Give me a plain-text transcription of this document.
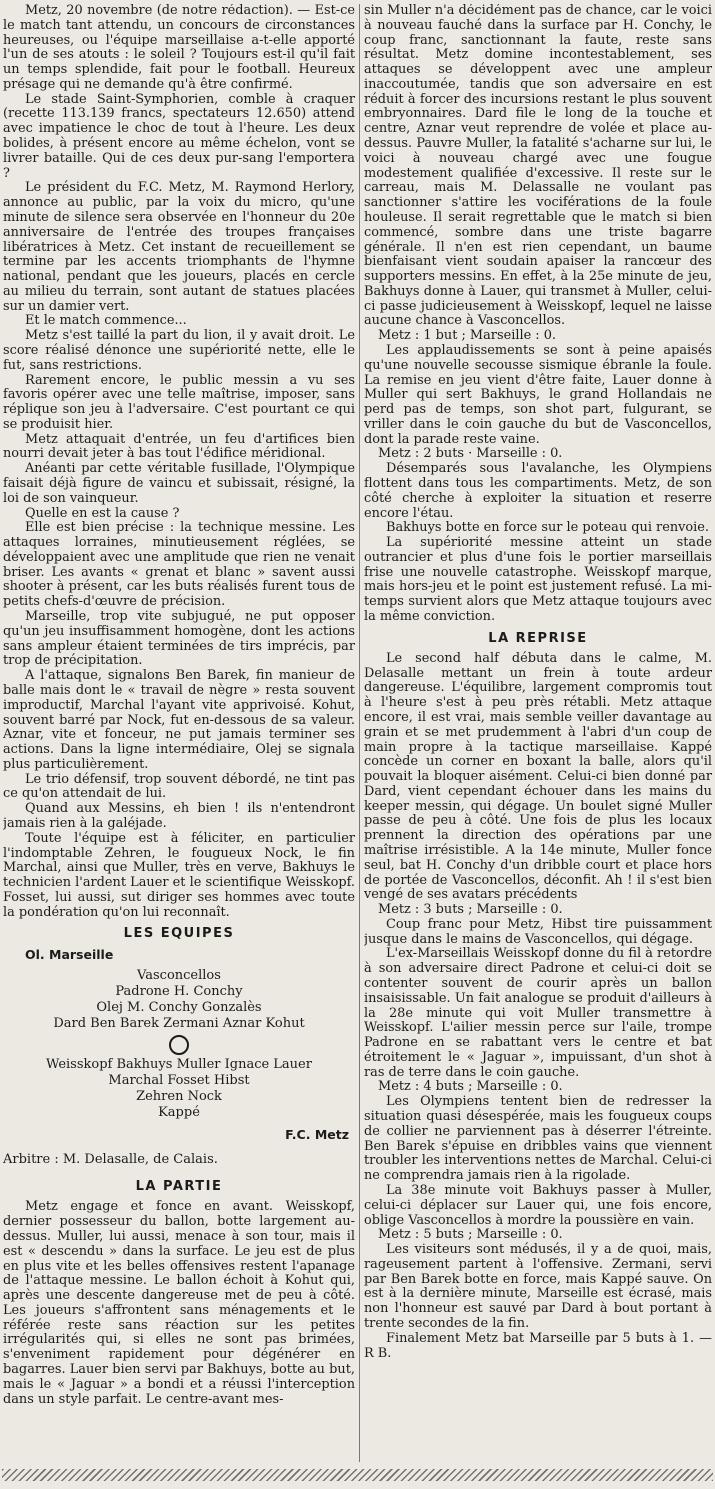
Metz, 20 novembre (de notre rédaction). — Est-ce le match tant attendu, un concours de circonstances heureuses, ou l'équipe marseillaise a-t-elle apporté l'un de ses atouts : le soleil ? Toujours est-il qu'il fait un temps splendide, fait pour le football. Heureux présage qui ne demande qu'à être confirmé.

Le stade Saint-Symphorien, comble à craquer (recette 113.139 francs, spectateurs 12.650) attend avec impatience le choc de tout à l'heure. Les deux bolides, à présent encore au même échelon, vont se livrer bataille. Qui de ces deux pur-sang l'emportera ?

Le président du F.C. Metz, M. Raymond Herlory, annonce au public, par la voix du micro, qu'une minute de silence sera observée en l'honneur du 20e anniversaire de l'entrée des troupes françaises libératrices à Metz. Cet instant de recueillement se termine par les accents triomphants de l'hymne national, pendant que les joueurs, placés en cercle au milieu du terrain, sont autant de statues placées sur un damier vert.

Et le match commence...

Metz s'est taillé la part du lion, il y avait droit. Le score réalisé dénonce une supériorité nette, elle le fut, sans restrictions.

Rarement encore, le public messin a vu ses favoris opérer avec une telle maîtrise, imposer, sans réplique son jeu à l'adversaire. C'est pourtant ce qui se produisit hier.

Metz attaquait d'entrée, un feu d'artifices bien nourri devait jeter à bas tout l'édifice méridional.

Anéanti par cette véritable fusillade, l'Olympique faisait déjà figure de vaincu et subissait, résigné, la loi de son vainqueur.

Quelle en est la cause ?

Elle est bien précise : la technique messine. Les attaques lorraines, minutieusement réglées, se développaient avec une amplitude que rien ne venait briser. Les avants « grenat et blanc » savent aussi shooter à présent, car les buts réalisés furent tous de petits chefs-d'œuvre de précision.

Marseille, trop vite subjugué, ne put opposer qu'un jeu insuffisamment homogène, dont les actions sans ampleur étaient terminées de tirs imprécis, par trop de précipitation.

A l'attaque, signalons Ben Barek, fin manieur de balle mais dont le « travail de nègre » resta souvent improductif, Marchal l'ayant vite apprivoisé. Kohut, souvent barré par Nock, fut en-dessous de sa valeur. Aznar, vite et fonceur, ne put jamais terminer ses actions. Dans la ligne intermédiaire, Olej se signala plus particulièrement.

Le trio défensif, trop souvent débordé, ne tint pas ce qu'on attendait de lui.

Quand aux Messins, eh bien ! ils n'entendront jamais rien à la galéjade.

Toute l'équipe est à féliciter, en particulier l'indomptable Zehren, le fougueux Nock, le fin Marchal, ainsi que Muller, très en verve, Bakhuys le technicien l'ardent Lauer et le scientifique Weisskopf. Fosset, lui aussi, sut diriger ses hommes avec toute la pondération qu'on lui reconnaît.

LES EQUIPES
Ol. Marseille
Vasconcellos
Padrone H. Conchy
Olej M. Conchy Gonzalès
Dard Ben Barek Zermani Aznar Kohut
Weisskopf Bakhuys Muller Ignace Lauer
Marchal Fosset Hibst
Zehren Nock
Kappé
F.C. Metz
Arbitre : M. Delasalle, de Calais.
LA PARTIE

Metz engage et fonce en avant. Weisskopf, dernier possesseur du ballon, botte largement au-dessus. Muller, lui aussi, menace à son tour, mais il est « descendu » dans la surface. Le jeu est de plus en plus vite et les belles offensives restent l'apanage de l'attaque messine. Le ballon échoit à Kohut qui, après une descente dangereuse met de peu à côté. Les joueurs s'affrontent sans ménagements et le référée reste sans réaction sur les petites irrégularités qui, si elles ne sont pas brimées, s'enveniment rapidement pour dégénérer en bagarres. Lauer bien servi par Bakhuys, botte au but, mais le « Jaguar » a bondi et a réussi l'interception dans un style parfait. Le centre-avant mes-

sin Muller n'a décidément pas de chance, car le voici à nouveau fauché dans la surface par H. Conchy, le coup franc, sanctionnant la faute, reste sans résultat. Metz domine incontestablement, ses attaques se développent avec une ampleur inaccoutumée, tandis que son adversaire en est réduit à forcer des incursions restant le plus souvent embryonnaires. Dard file le long de la touche et centre, Aznar veut reprendre de volée et place au-dessus. Pauvre Muller, la fatalité s'acharne sur lui, le voici à nouveau chargé avec une fougue modestement qualifiée d'excessive. Il reste sur le carreau, mais M. Delassalle ne voulant pas sanctionner s'attire les vociférations de la foule houleuse. Il serait regrettable que le match si bien commencé, sombre dans une triste bagarre générale. Il n'en est rien cependant, un baume bienfaisant vient soudain apaiser la rancœur des supporters messins. En effet, à la 25e minute de jeu, Bakhuys donne à Lauer, qui transmet à Muller, celui-ci passe judicieusement à Weisskopf, lequel ne laisse aucune chance à Vasconcellos.

Metz : 1 but ; Marseille : 0.

Les applaudissements se sont à peine apaisés qu'une nouvelle secousse sismique ébranle la foule. La remise en jeu vient d'être faite, Lauer donne à Muller qui sert Bakhuys, le grand Hollandais ne perd pas de temps, son shot part, fulgurant, se vriller dans le coin gauche du but de Vasconcellos, dont la parade reste vaine.

Metz : 2 buts · Marseille : 0.

Désemparés sous l'avalanche, les Olympiens flottent dans tous les compartiments. Metz, de son côté cherche à exploiter la situation et reserre encore l'étau.

Bakhuys botte en force sur le poteau qui renvoie.

La supériorité messine atteint un stade outrancier et plus d'une fois le portier marseillais frise une nouvelle catastrophe. Weisskopf marque, mais hors-jeu et le point est justement refusé. La mi-temps survient alors que Metz attaque toujours avec la même conviction.

LA REPRISE

Le second half débuta dans le calme, M. Delasalle mettant un frein à toute ardeur dangereuse. L'équilibre, largement compromis tout à l'heure s'est à peu près rétabli. Metz attaque encore, il est vrai, mais semble veiller davantage au grain et se met prudemment à l'abri d'un coup de main propre à la tactique marseillaise. Kappé concède un corner en boxant la balle, alors qu'il pouvait la bloquer aisément. Celui-ci bien donné par Dard, vient cependant échouer dans les mains du keeper messin, qui dégage. Un boulet signé Muller passe de peu à côté. Une fois de plus les locaux prennent la direction des opérations par une maîtrise irrésistible. A la 14e minute, Muller fonce seul, bat H. Conchy d'un dribble court et place hors de portée de Vasconcellos, déconfit. Ah ! il s'est bien vengé de ses avatars précédents

Metz : 3 buts ; Marseille : 0.

Coup franc pour Metz, Hibst tire puissamment jusque dans le mains de Vasconcellos, qui dégage.

L'ex-Marseillais Weisskopf donne du fil à retordre à son adversaire direct Padrone et celui-ci doit se contenter souvent de courir après un ballon insaisissable. Un fait analogue se produit d'ailleurs à la 28e minute qui voit Muller transmettre à Weisskopf. L'ailier messin perce sur l'aile, trompe Padrone en se rabattant vers le centre et bat étroitement le « Jaguar », impuissant, d'un shot à ras de terre dans le coin gauche.

Metz : 4 buts ; Marseille : 0.

Les Olympiens tentent bien de redresser la situation quasi désespérée, mais les fougueux coups de collier ne parviennent pas à déserrer l'étreinte. Ben Barek s'épuise en dribbles vains que viennent troubler les interventions nettes de Marchal. Celui-ci ne comprendra jamais rien à la rigolade.

La 38e minute voit Bakhuys passer à Muller, celui-ci déplacer sur Lauer qui, une fois encore, oblige Vasconcellos à mordre la poussière en vain.

Metz : 5 buts ; Marseille : 0.

Les visiteurs sont médusés, il y a de quoi, mais, rageusement partent à l'offensive. Zermani, servi par Ben Barek botte en force, mais Kappé sauve. On est à la dernière minute, Marseille est écrasé, mais non l'honneur est sauvé par Dard à bout portant à trente secondes de la fin.

Finalement Metz bat Marseille par 5 buts à 1. — R B.
